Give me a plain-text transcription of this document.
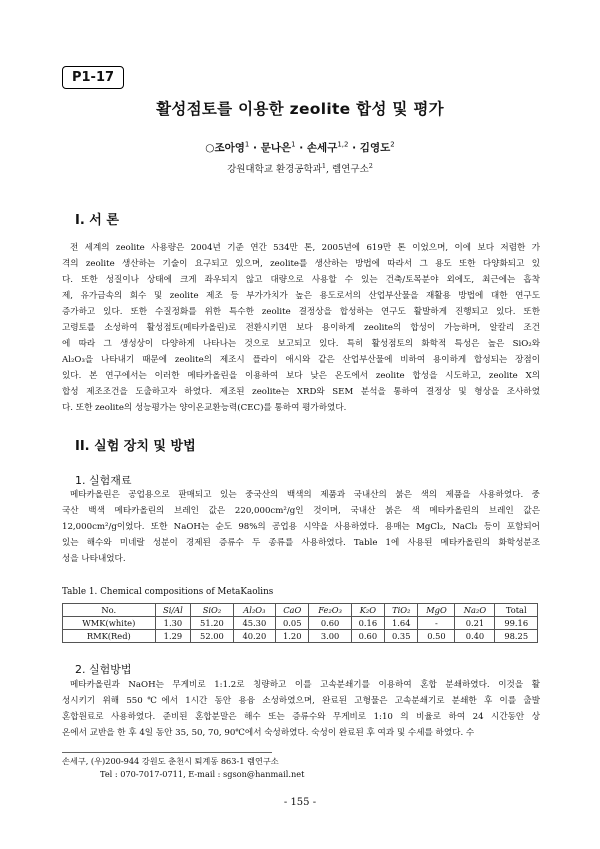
P1-17
활성점토를 이용한 zeolite 합성 및 평가
○조아영$^1$ · 문나은$^1$ · 손세구$^{1,2}$ · 김영도$^2$
강원대학교 환경공학과$^1$, 렘연구소$^2$
I. 서 론
전 세계의 zeolite 사용량은 2004년 기준 연간 534만 톤, 2005년에 619만 톤 이었으며, 이에 보다 저렴한 가
격의 zeolite 생산하는 기술이 요구되고 있으며, zeolite를 생산하는 방법에 따라서 그 용도 또한 다양화되고 있
다. 또한 성질이나 상태에 크게 좌우되지 않고 대량으로 사용할 수 있는 건축/토목분야 외에도, 최근에는 흡착
제, 유가금속의 회수 및 zeolite 제조 등 부가가치가 높은 용도로서의 산업부산물을 재활용 방법에 대한 연구도
증가하고 있다. 또한 수질정화를 위한 특수한 zeolite 결정상을 합성하는 연구도 활발하게 진행되고 있다. 또한
고령토를 소성하여 활성점토(메타카올린)로 전환시키면 보다 용이하게 zeolite의 합성이 가능하며, 알칼리 조건
에 따라 그 생성상이 다양하게 나타나는 것으로 보고되고 있다. 특히 활성점토의 화학적 특성은 높은 SiO₂와
Al₂O₃을 나타내기 때문에 zeolite의 제조시 플라이 애시와 같은 산업부산물에 비하여 용이하게 합성되는 장점이
있다. 본 연구에서는 이러한 메타카올린을 이용하여 보다 낮은 온도에서 zeolite 합성을 시도하고, zeolite X의
합성 제조조건을 도출하고자 하였다. 제조된 zeolite는 XRD와 SEM 분석을 통하여 결정상 및 형상을 조사하였
다. 또한 zeolite의 성능평가는 양이온교환능력(CEC)를 통하여 평가하였다.
II. 실험 장치 및 방법
1. 실험재료
메타카올린은 공업용으로 판매되고 있는 중국산의 백색의 제품과 국내산의 붉은 색의 제품을 사용하였다. 중
국산 백색 메타카올린의 브레인 값은 220,000cm²/g인 것이며, 국내산 붉은 색 메타카올린의 브레인 값은
12,000cm²/g이었다. 또한 NaOH는 순도 98%의 공업용 시약을 사용하였다. 용매는 MgCl₂, NaCl₂ 등이 포함되어
있는 해수와 미네랄 성분이 경제된 증류수 두 종류를 사용하였다. Table 1에 사용된 메타카올린의 화학성분조
성을 나타내었다.
Table 1. Chemical compositions of MetaKaolins
No.	Si/Al	SiO₂	Al₂O₃	CaO	Fe₂O₃	K₂O	TiO₂	MgO	Na₂O	Total
WMK(white)	1.30	51.20	45.30	0.05	0.60	0.16	1.64	-	0.21	99.16
RMK(Red)	1.29	52.00	40.20	1.20	3.00	0.60	0.35	0.50	0.40	98.25
2. 실험방법
메타카올린과 NaOH는 무게비로 1:1.2로 칭량하고 이를 고속분쇄기를 이용하여 혼합 분쇄하였다. 이것을 활
성시키기 위해 550℃에서 1시간 동안 용융 소성하였으며, 완료된 고형물은 고속분쇄기로 분쇄한 후 이를 출발
혼합원료로 사용하였다. 준비된 혼합분말은 해수 또는 증류수와 무게비로 1:10 의 비율로 하여 24 시간동안 상
온에서 교반을 한 후 4일 동안 35, 50, 70, 90℃에서 숙성하였다. 숙성이 완료된 후 여과 및 수세를 하였다. 수
손세구, (우)200-944 강원도 춘천시 퇴계동 863-1 렘연구소
Tel : 070-7017-0711, E-mail : sgson@hanmail.net
- 155 -
